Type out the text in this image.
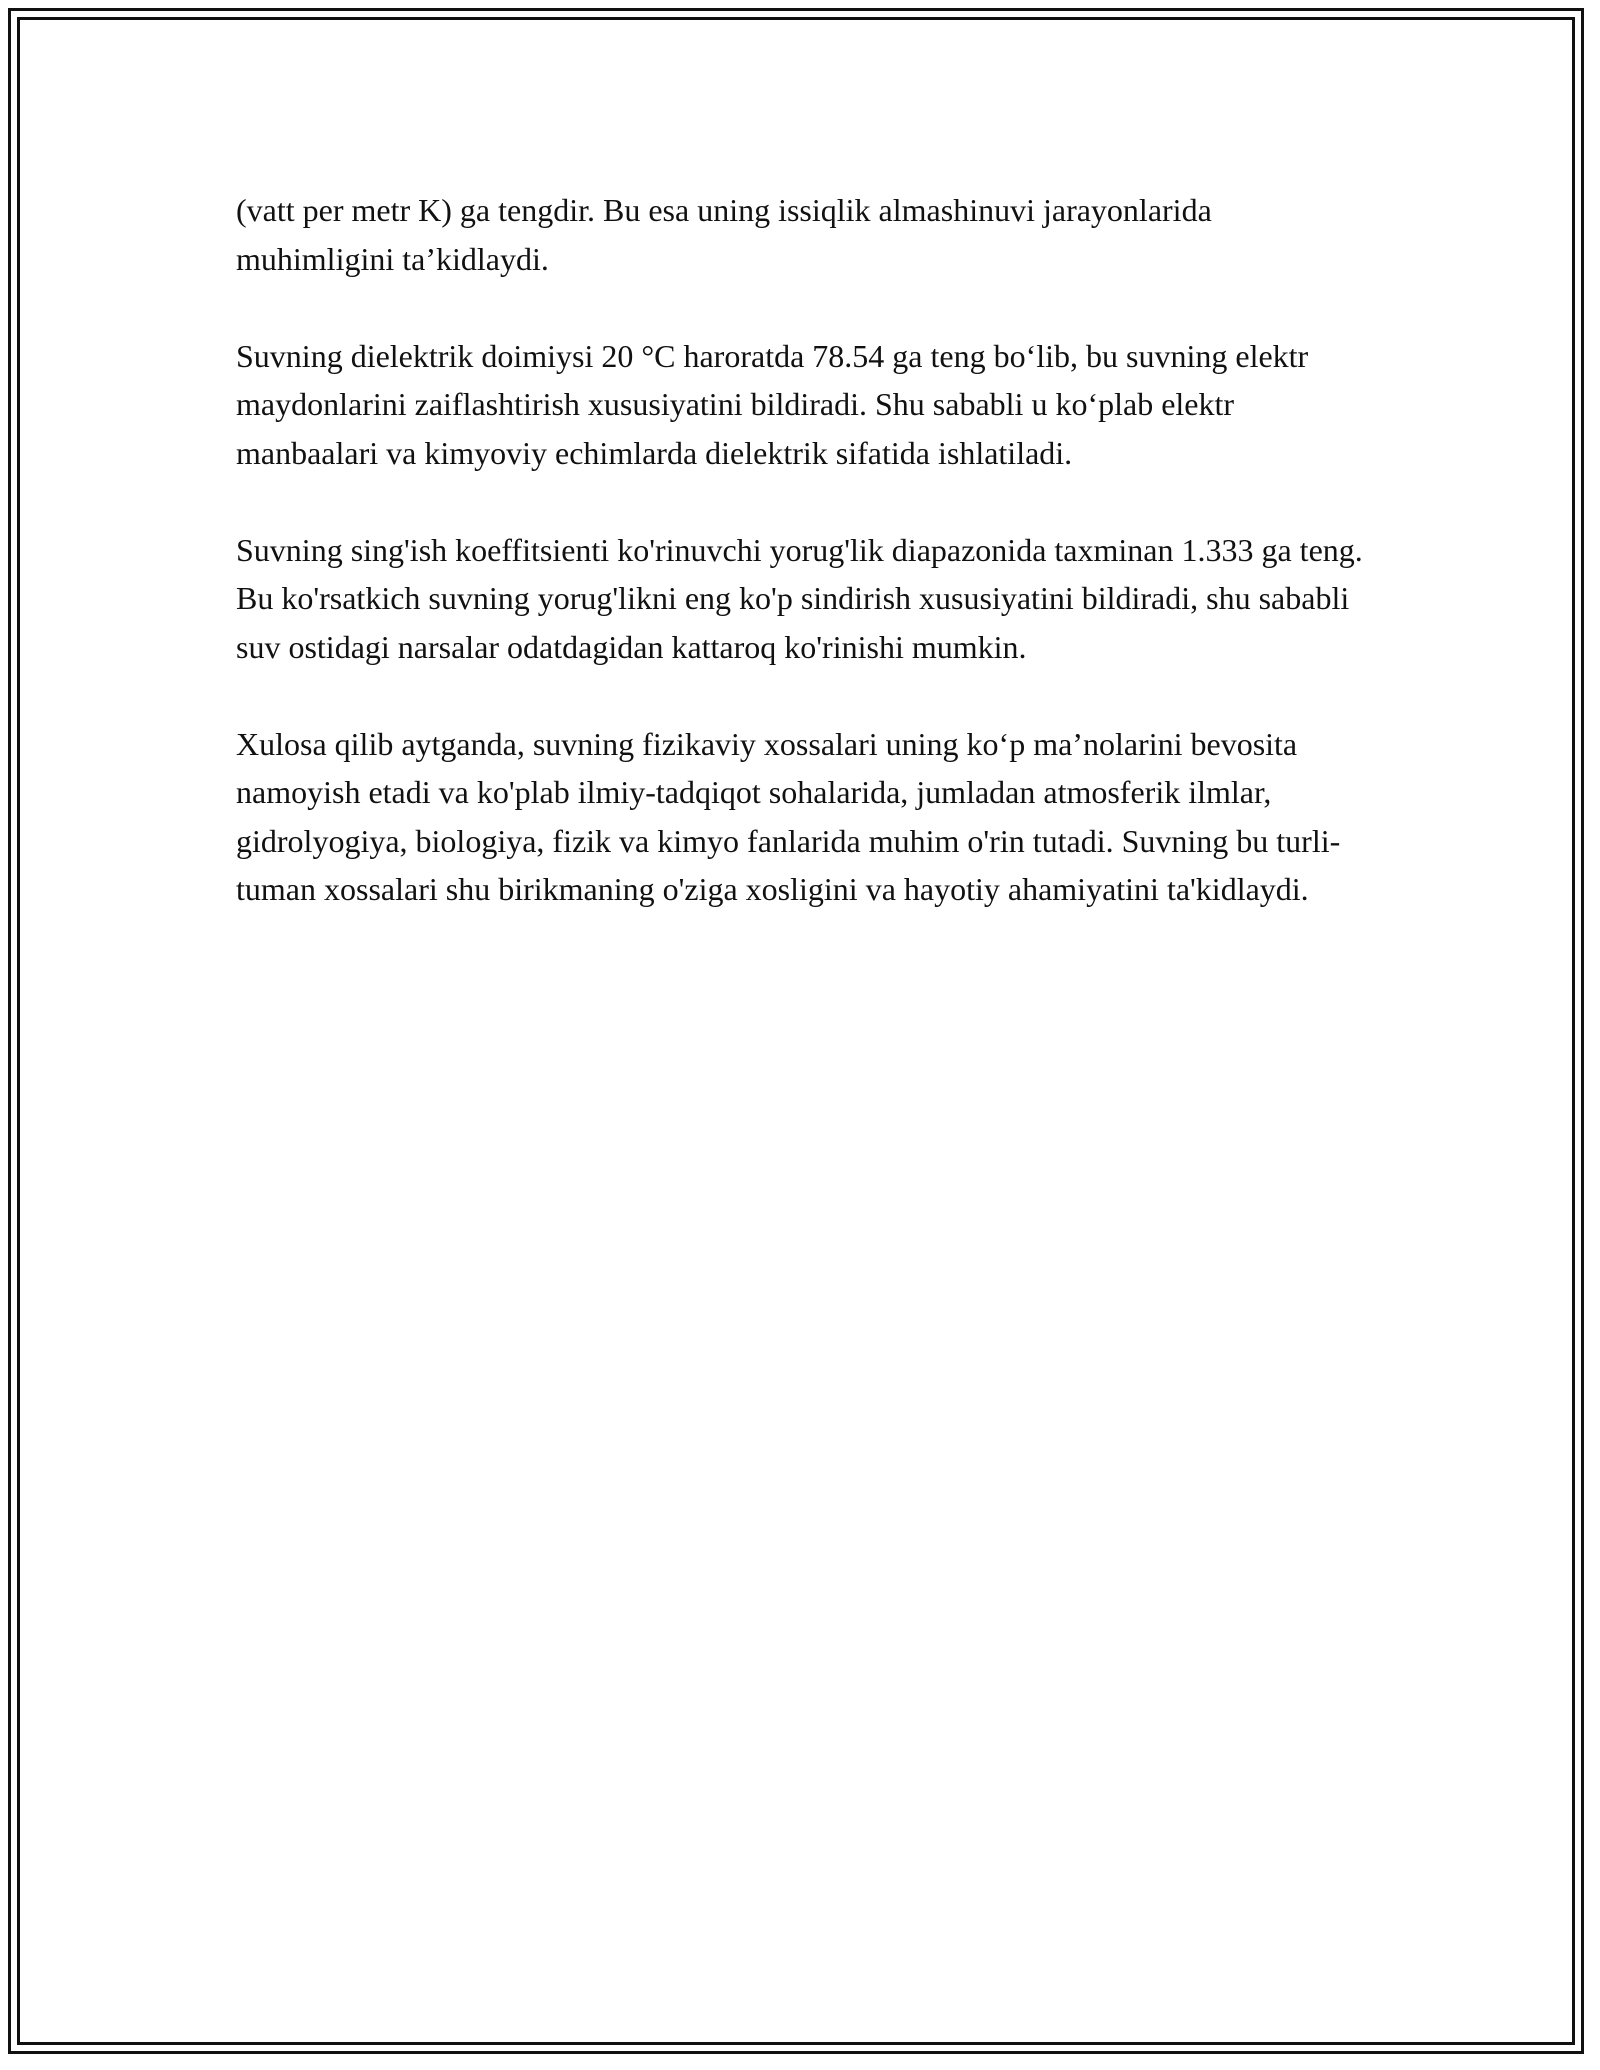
(vatt per metr K) ga tengdir. Bu esa uning issiqlik almashinuvi jarayonlarida muhimligini ta’kidlaydi.

Suvning dielektrik doimiysi 20 °C haroratda 78.54 ga teng bo‘lib, bu suvning elektr maydonlarini zaiflashtirish xususiyatini bildiradi. Shu sababli u ko‘plab elektr manbaalari va kimyoviy echimlarda dielektrik sifatida ishlatiladi.

Suvning sing'ish koeffitsienti ko'rinuvchi yorug'lik diapazonida taxminan 1.333 ga teng. Bu ko'rsatkich suvning yorug'likni eng ko'p sindirish xususiyatini bildiradi, shu sababli suv ostidagi narsalar odatdagidan kattaroq ko'rinishi mumkin.

Xulosa qilib aytganda, suvning fizikaviy xossalari uning ko‘p ma’nolarini bevosita namoyish etadi va ko'plab ilmiy-tadqiqot sohalarida, jumladan atmosferik ilmlar, gidrolyogiya, biologiya, fizik va kimyo fanlarida muhim o'rin tutadi. Suvning bu turli-tuman xossalari shu birikmaning o'ziga xosligini va hayotiy ahamiyatini ta'kidlaydi.
